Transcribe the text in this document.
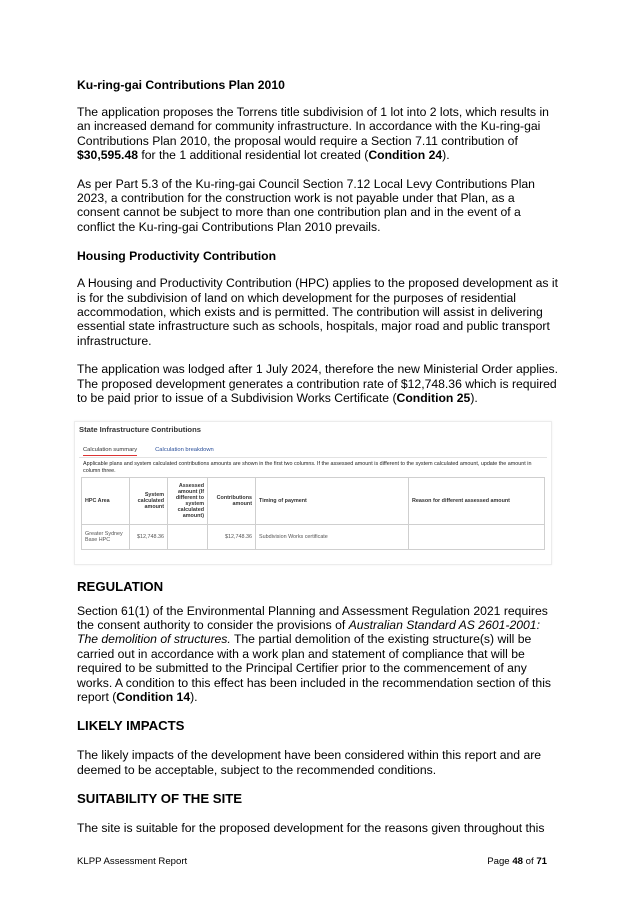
Ku-ring-gai Contributions Plan 2010

The application proposes the Torrens title subdivision of 1 lot into 2 lots, which results in an increased demand for community infrastructure. In accordance with the Ku-ring-gai Contributions Plan 2010, the proposal would require a Section 7.11 contribution of $30,595.48 for the 1 additional residential lot created (Condition 24).

As per Part 5.3 of the Ku-ring-gai Council Section 7.12 Local Levy Contributions Plan 2023, a contribution for the construction work is not payable under that Plan, as a consent cannot be subject to more than one contribution plan and in the event of a conflict the Ku-ring-gai Contributions Plan 2010 prevails.

Housing Productivity Contribution

A Housing and Productivity Contribution (HPC) applies to the proposed development as it is for the subdivision of land on which development for the purposes of residential accommodation, which exists and is permitted. The contribution will assist in delivering essential state infrastructure such as schools, hospitals, major road and public transport infrastructure.

The application was lodged after 1 July 2024, therefore the new Ministerial Order applies. The proposed development generates a contribution rate of $12,748.36 which is required to be paid prior to issue of a Subdivision Works Certificate (Condition 25).

State Infrastructure Contributions
Calculation summary	Calculation breakdown
Applicable plans and system calculated contributions amounts are shown in the first two columns. If the assessed amount is different to the system calculated amount, update the amount in column three.
HPC Area	System calculated amount	Assessed amount (If different to system calculated amount)	Contributions amount	Timing of payment	Reason for different assessed amount
Greater Sydney Base HPC	$12,748.36		$12,748.36	Subdivision Works certificate	
REGULATION

Section 61(1) of the Environmental Planning and Assessment Regulation 2021 requires the consent authority to consider the provisions of Australian Standard AS 2601-2001: The demolition of structures. The partial demolition of the existing structure(s) will be carried out in accordance with a work plan and statement of compliance that will be required to be submitted to the Principal Certifier prior to the commencement of any works. A condition to this effect has been included in the recommendation section of this report (Condition 14).

LIKELY IMPACTS

The likely impacts of the development have been considered within this report and are deemed to be acceptable, subject to the recommended conditions.

SUITABILITY OF THE SITE

The site is suitable for the proposed development for the reasons given throughout this

KLPP Assessment Report	Page 48 of 71
